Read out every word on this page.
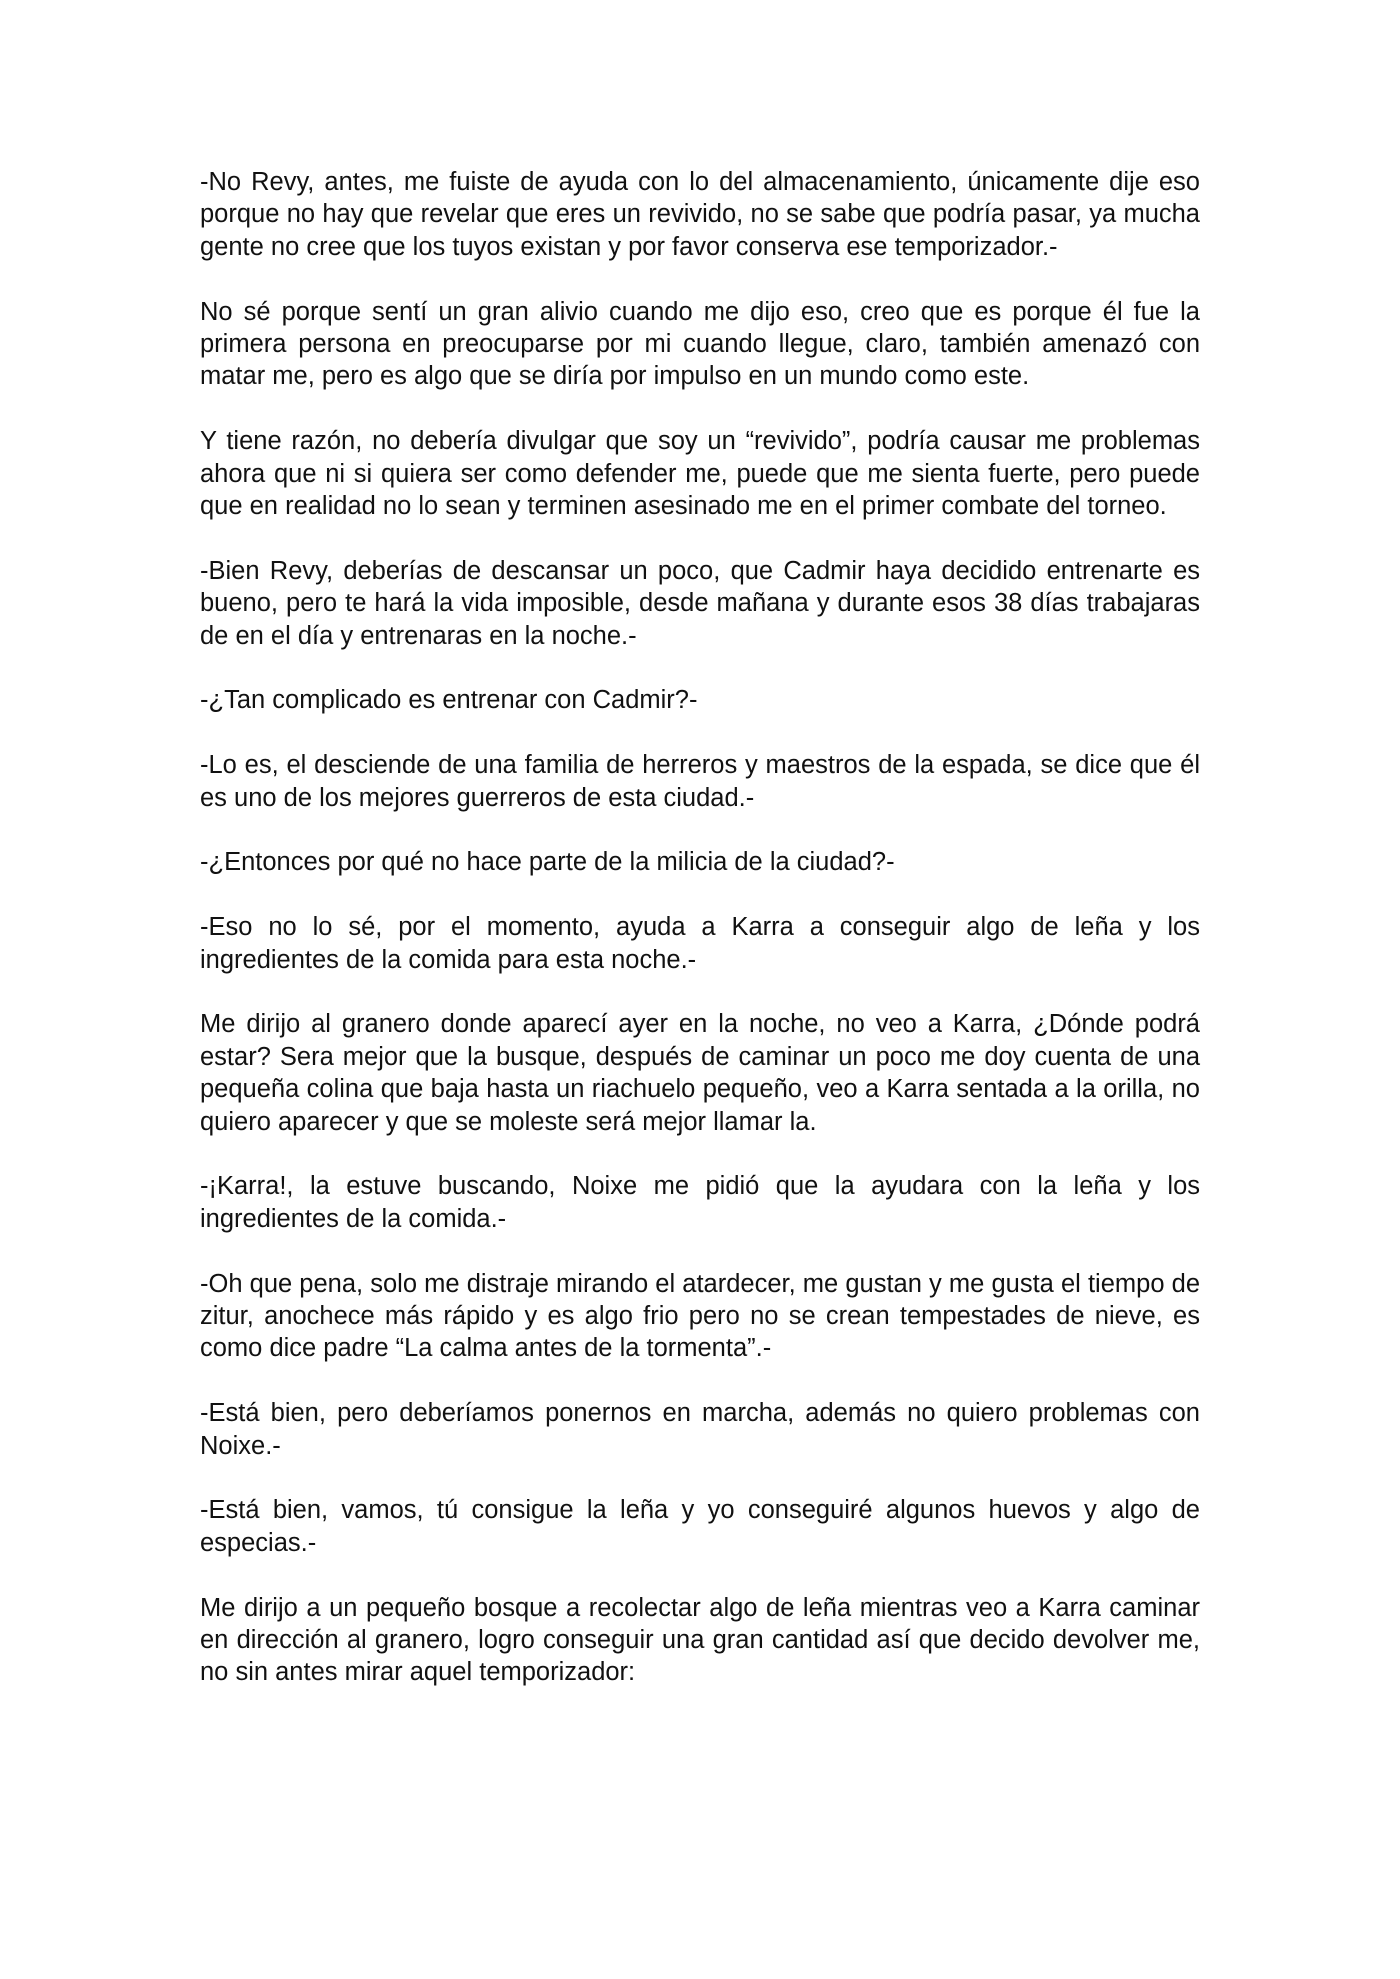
-No Revy, antes, me fuiste de ayuda con lo del almacenamiento, únicamente dije eso porque no hay que revelar que eres un revivido, no se sabe que podría pasar, ya mucha gente no cree que los tuyos existan y por favor conserva ese temporizador.-

No sé porque sentí un gran alivio cuando me dijo eso, creo que es porque él fue la primera persona en preocuparse por mi cuando llegue, claro, también amenazó con matar me, pero es algo que se diría por impulso en un mundo como este.

Y tiene razón, no debería divulgar que soy un “revivido”, podría causar me problemas ahora que ni si quiera ser como defender me, puede que me sienta fuerte, pero puede que en realidad no lo sean y terminen asesinado me en el primer combate del torneo.

-Bien Revy, deberías de descansar un poco, que Cadmir haya decidido entrenarte es bueno, pero te hará la vida imposible, desde mañana y durante esos 38 días trabajaras de en el día y entrenaras en la noche.-

-¿Tan complicado es entrenar con Cadmir?-

-Lo es, el desciende de una familia de herreros y maestros de la espada, se dice que él es uno de los mejores guerreros de esta ciudad.-

-¿Entonces por qué no hace parte de la milicia de la ciudad?-

-Eso no lo sé, por el momento, ayuda a Karra a conseguir algo de leña y los ingredientes de la comida para esta noche.-

Me dirijo al granero donde aparecí ayer en la noche, no veo a Karra, ¿Dónde podrá estar? Sera mejor que la busque, después de caminar un poco me doy cuenta de una pequeña colina que baja hasta un riachuelo pequeño, veo a Karra sentada a la orilla, no quiero aparecer y que se moleste será mejor llamar la.

-¡Karra!, la estuve buscando, Noixe me pidió que la ayudara con la leña y los ingredientes de la comida.-

-Oh que pena, solo me distraje mirando el atardecer, me gustan y me gusta el tiempo de zitur, anochece más rápido y es algo frio pero no se crean tempestades de nieve, es como dice padre “La calma antes de la tormenta”.-

-Está bien, pero deberíamos ponernos en marcha, además no quiero problemas con Noixe.-

-Está bien, vamos, tú consigue la leña y yo conseguiré algunos huevos y algo de especias.-

Me dirijo a un pequeño bosque a recolectar algo de leña mientras veo a Karra caminar en dirección al granero, logro conseguir una gran cantidad así que decido devolver me, no sin antes mirar aquel temporizador:
